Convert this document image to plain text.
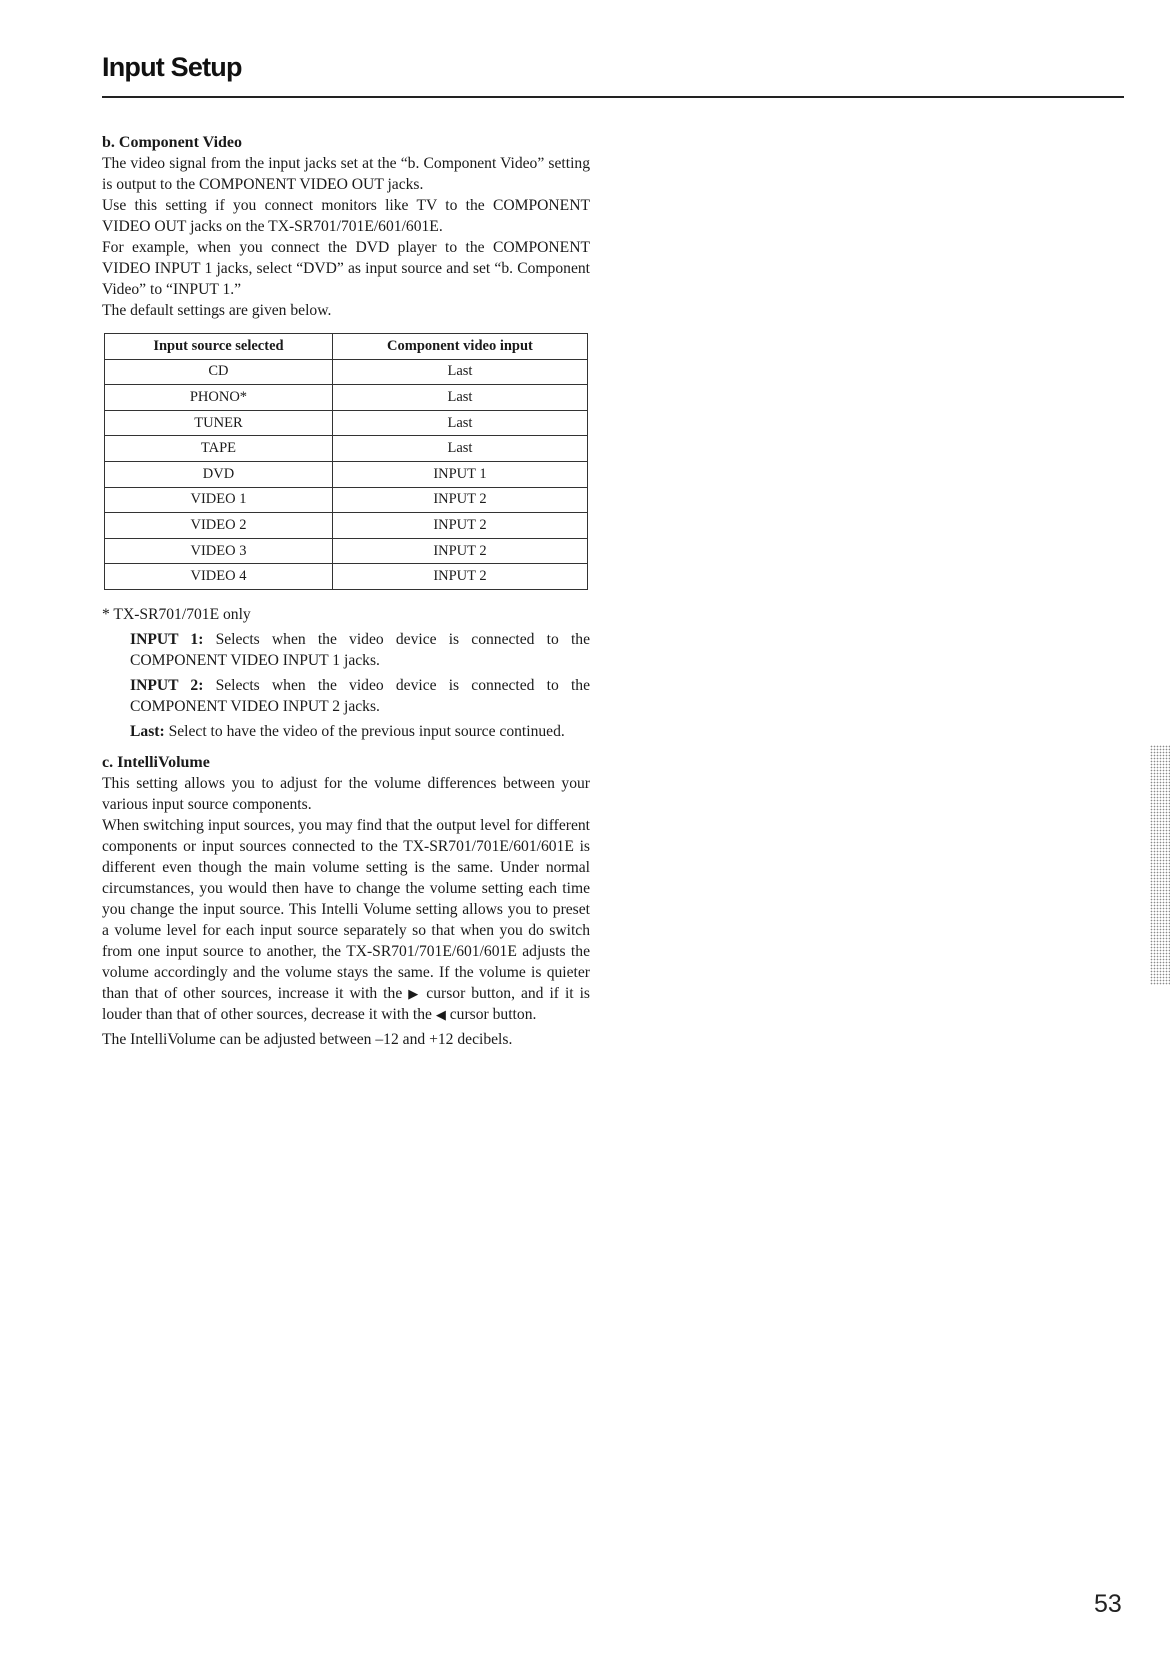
Input Setup

b. Component Video

The video signal from the input jacks set at the “b. Component Video” setting is output to the COMPONENT VIDEO OUT jacks.

Use this setting if you connect monitors like TV to the COMPONENT VIDEO OUT jacks on the TX-SR701/701E/601/601E.

For example, when you connect the DVD player to the COMPONENT VIDEO INPUT 1 jacks, select “DVD” as input source and set “b. Component Video” to “INPUT 1.”

The default settings are given below.

Input source selected	Component video input
CD	Last
PHONO*	Last
TUNER	Last
TAPE	Last
DVD	INPUT 1
VIDEO 1	INPUT 2
VIDEO 2	INPUT 2
VIDEO 3	INPUT 2
VIDEO 4	INPUT 2

* TX-SR701/701E only

INPUT 1: Selects when the video device is connected to the COMPONENT VIDEO INPUT 1 jacks.

INPUT 2: Selects when the video device is connected to the COMPONENT VIDEO INPUT 2 jacks.

Last: Select to have the video of the previous input source continued.

c. IntelliVolume

This setting allows you to adjust for the volume differences between your various input source components.

When switching input sources, you may find that the output level for different components or input sources connected to the TX-SR701/701E/601/601E is different even though the main volume setting is the same. Under normal circumstances, you would then have to change the volume setting each time you change the input source. This Intelli Volume setting allows you to preset a volume level for each input source separately so that when you do switch from one input source to another, the TX-SR701/701E/601/601E adjusts the volume accordingly and the volume stays the same. If the volume is quieter than that of other sources, increase it with the ▶ cursor button, and if it is louder than that of other sources, decrease it with the ◀ cursor button.

The IntelliVolume can be adjusted between –12 and +12 decibels.

53
